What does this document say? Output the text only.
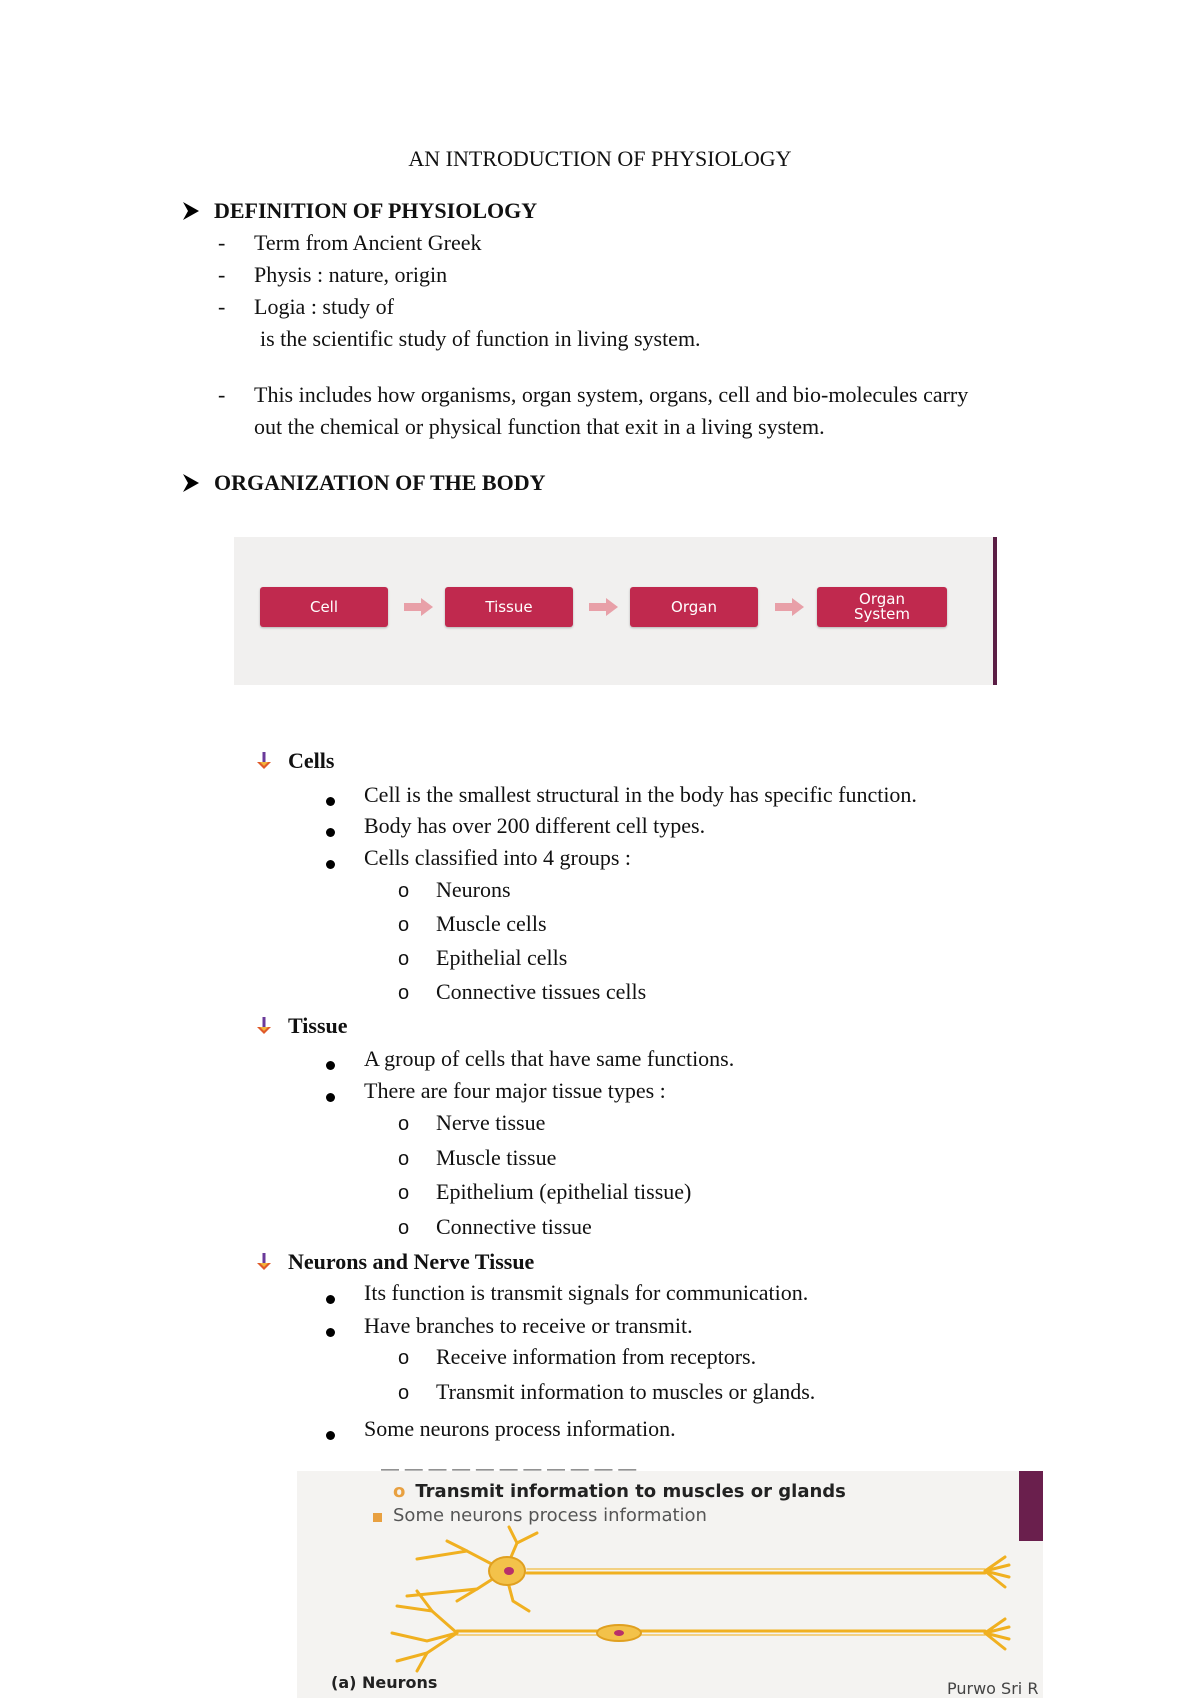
AN INTRODUCTION OF PHYSIOLOGY
DEFINITION OF PHYSIOLOGY
- Term from Ancient Greek
- Physis : nature, origin
- Logia : study of
is the scientific study of function in living system.
- This includes how organisms, organ system, organs, cell and bio-molecules carry
out the chemical or physical function that exit in a living system.
ORGANIZATION OF THE BODY
Cell	Tissue	Organ	Organ System
Cells
Cell is the smallest structural in the body has specific function.
Body has over 200 different cell types.
Cells classified into 4 groups :
o Neurons
o Muscle cells
o Epithelial cells
o Connective tissues cells
Tissue
A group of cells that have same functions.
There are four major tissue types :
o Nerve tissue
o Muscle tissue
o Epithelium (epithelial tissue)
o Connective tissue
Neurons and Nerve Tissue
Its function is transmit signals for communication.
Have branches to receive or transmit.
o Receive information from receptors.
o Transmit information to muscles or glands.
Some neurons process information.
― ― ― ― ― ― ― ― ― ― ―
o Transmit information to muscles or glands
Some neurons process information
(a) Neurons	Purwo Sri R
